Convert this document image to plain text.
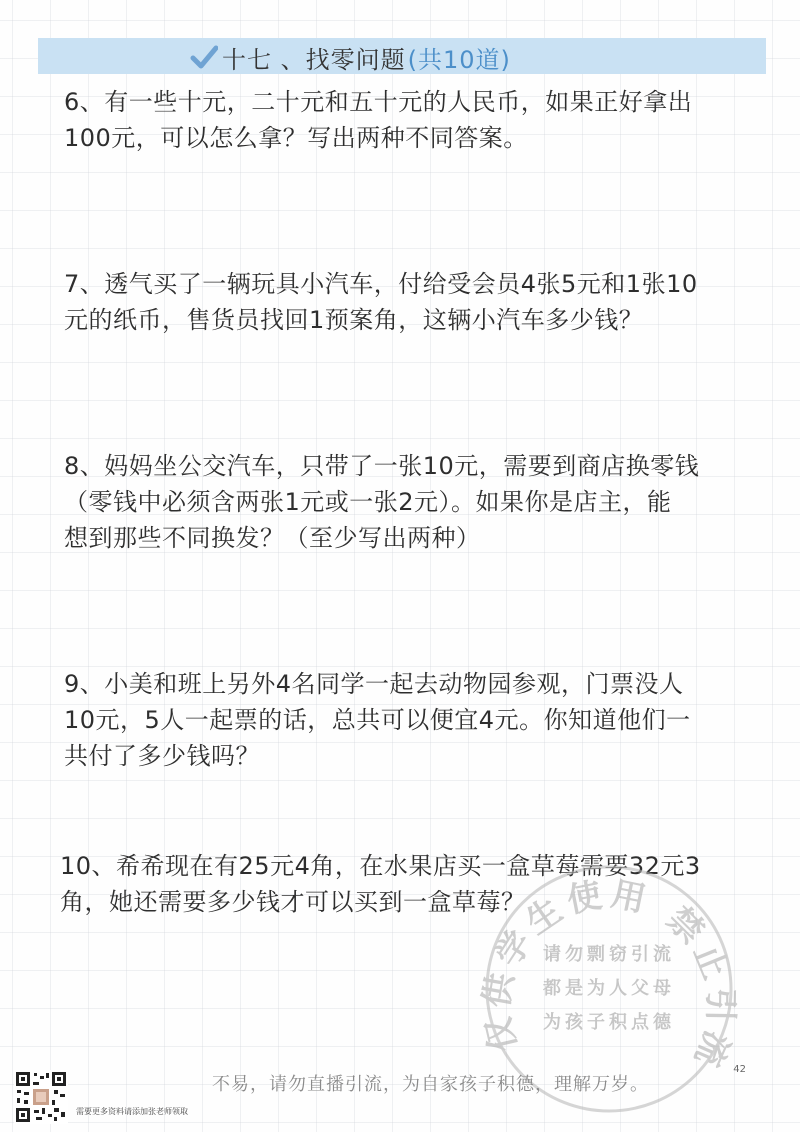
十七 、找零问题 (共10道)

6、有一些十元，二十元和五十元的人民币，如果正好拿出

100元，可以怎么拿？写出两种不同答案。

7、透气买了一辆玩具小汽车，付给受会员4张5元和1张10

元的纸币，售货员找回1预案角，这辆小汽车多少钱？

8、妈妈坐公交汽车，只带了一张10元，需要到商店换零钱

（零钱中必须含两张1元或一张2元）。如果你是店主，能

想到那些不同换发？（至少写出两种）

9、小美和班上另外4名同学一起去动物园参观，门票没人

10元，5人一起票的话，总共可以便宜4元。你知道他们一

共付了多少钱吗？

10、希希现在有25元4角，在水果店买一盒草莓需要32元3

角，她还需要多少钱才可以买到一盒草莓？

仅供学生使用 禁止引流
请勿剽窃引流
都是为人父母
为孩子积点德
42
需要更多资料请添加张老师领取
不易，请勿直播引流，为自家孩子积德，理解万岁。
